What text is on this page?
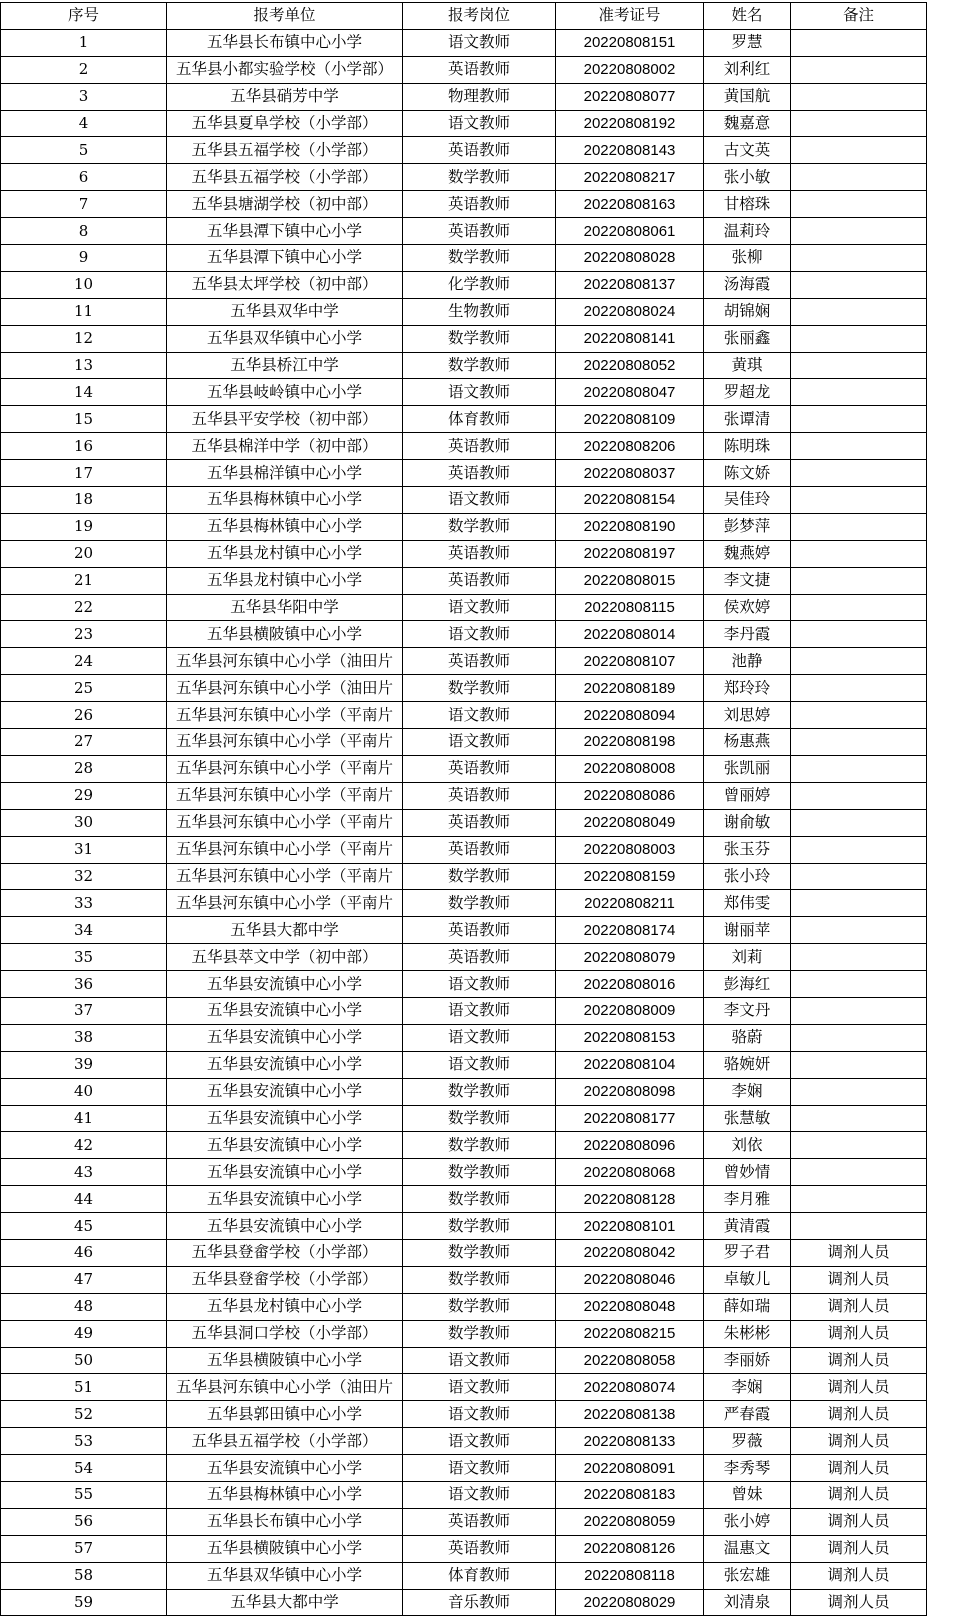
序号	报考单位	报考岗位	准考证号	姓名	备注
1	五华县长布镇中心小学	语文教师	20220808151	罗慧	
2	五华县小都实验学校（小学部）	英语教师	20220808002	刘利红	
3	五华县硝芳中学	物理教师	20220808077	黄国航	
4	五华县夏阜学校（小学部）	语文教师	20220808192	魏嘉意	
5	五华县五福学校（小学部）	英语教师	20220808143	古文英	
6	五华县五福学校（小学部）	数学教师	20220808217	张小敏	
7	五华县塘湖学校（初中部）	英语教师	20220808163	甘榕珠	
8	五华县潭下镇中心小学	英语教师	20220808061	温莉玲	
9	五华县潭下镇中心小学	数学教师	20220808028	张柳	
10	五华县太坪学校（初中部）	化学教师	20220808137	汤海霞	
11	五华县双华中学	生物教师	20220808024	胡锦娴	
12	五华县双华镇中心小学	数学教师	20220808141	张丽鑫	
13	五华县桥江中学	数学教师	20220808052	黄琪	
14	五华县岐岭镇中心小学	语文教师	20220808047	罗超龙	
15	五华县平安学校（初中部）	体育教师	20220808109	张谭清	
16	五华县棉洋中学（初中部）	英语教师	20220808206	陈明珠	
17	五华县棉洋镇中心小学	英语教师	20220808037	陈文娇	
18	五华县梅林镇中心小学	语文教师	20220808154	吴佳玲	
19	五华县梅林镇中心小学	数学教师	20220808190	彭梦萍	
20	五华县龙村镇中心小学	英语教师	20220808197	魏燕婷	
21	五华县龙村镇中心小学	英语教师	20220808015	李文捷	
22	五华县华阳中学	语文教师	20220808115	侯欢婷	
23	五华县横陂镇中心小学	语文教师	20220808014	李丹霞	
24	五华县河东镇中心小学（油田片	英语教师	20220808107	池静	
25	五华县河东镇中心小学（油田片	数学教师	20220808189	郑玲玲	
26	五华县河东镇中心小学（平南片	语文教师	20220808094	刘思婷	
27	五华县河东镇中心小学（平南片	语文教师	20220808198	杨惠燕	
28	五华县河东镇中心小学（平南片	英语教师	20220808008	张凯丽	
29	五华县河东镇中心小学（平南片	英语教师	20220808086	曾丽婷	
30	五华县河东镇中心小学（平南片	英语教师	20220808049	谢俞敏	
31	五华县河东镇中心小学（平南片	英语教师	20220808003	张玉芬	
32	五华县河东镇中心小学（平南片	数学教师	20220808159	张小玲	
33	五华县河东镇中心小学（平南片	数学教师	20220808211	郑伟雯	
34	五华县大都中学	英语教师	20220808174	谢丽苹	
35	五华县萃文中学（初中部）	英语教师	20220808079	刘莉	
36	五华县安流镇中心小学	语文教师	20220808016	彭海红	
37	五华县安流镇中心小学	语文教师	20220808009	李文丹	
38	五华县安流镇中心小学	语文教师	20220808153	骆蔚	
39	五华县安流镇中心小学	语文教师	20220808104	骆婉妍	
40	五华县安流镇中心小学	数学教师	20220808098	李娴	
41	五华县安流镇中心小学	数学教师	20220808177	张慧敏	
42	五华县安流镇中心小学	数学教师	20220808096	刘依	
43	五华县安流镇中心小学	数学教师	20220808068	曾妙情	
44	五华县安流镇中心小学	数学教师	20220808128	李月雅	
45	五华县安流镇中心小学	数学教师	20220808101	黄清霞	
46	五华县登畲学校（小学部）	数学教师	20220808042	罗子君	调剂人员
47	五华县登畲学校（小学部）	数学教师	20220808046	卓敏儿	调剂人员
48	五华县龙村镇中心小学	数学教师	20220808048	薛如瑞	调剂人员
49	五华县洞口学校（小学部）	数学教师	20220808215	朱彬彬	调剂人员
50	五华县横陂镇中心小学	语文教师	20220808058	李丽娇	调剂人员
51	五华县河东镇中心小学（油田片	语文教师	20220808074	李娴	调剂人员
52	五华县郭田镇中心小学	语文教师	20220808138	严春霞	调剂人员
53	五华县五福学校（小学部）	语文教师	20220808133	罗薇	调剂人员
54	五华县安流镇中心小学	语文教师	20220808091	李秀琴	调剂人员
55	五华县梅林镇中心小学	语文教师	20220808183	曾妹	调剂人员
56	五华县长布镇中心小学	英语教师	20220808059	张小婷	调剂人员
57	五华县横陂镇中心小学	英语教师	20220808126	温惠文	调剂人员
58	五华县双华镇中心小学	体育教师	20220808118	张宏雄	调剂人员
59	五华县大都中学	音乐教师	20220808029	刘清泉	调剂人员
